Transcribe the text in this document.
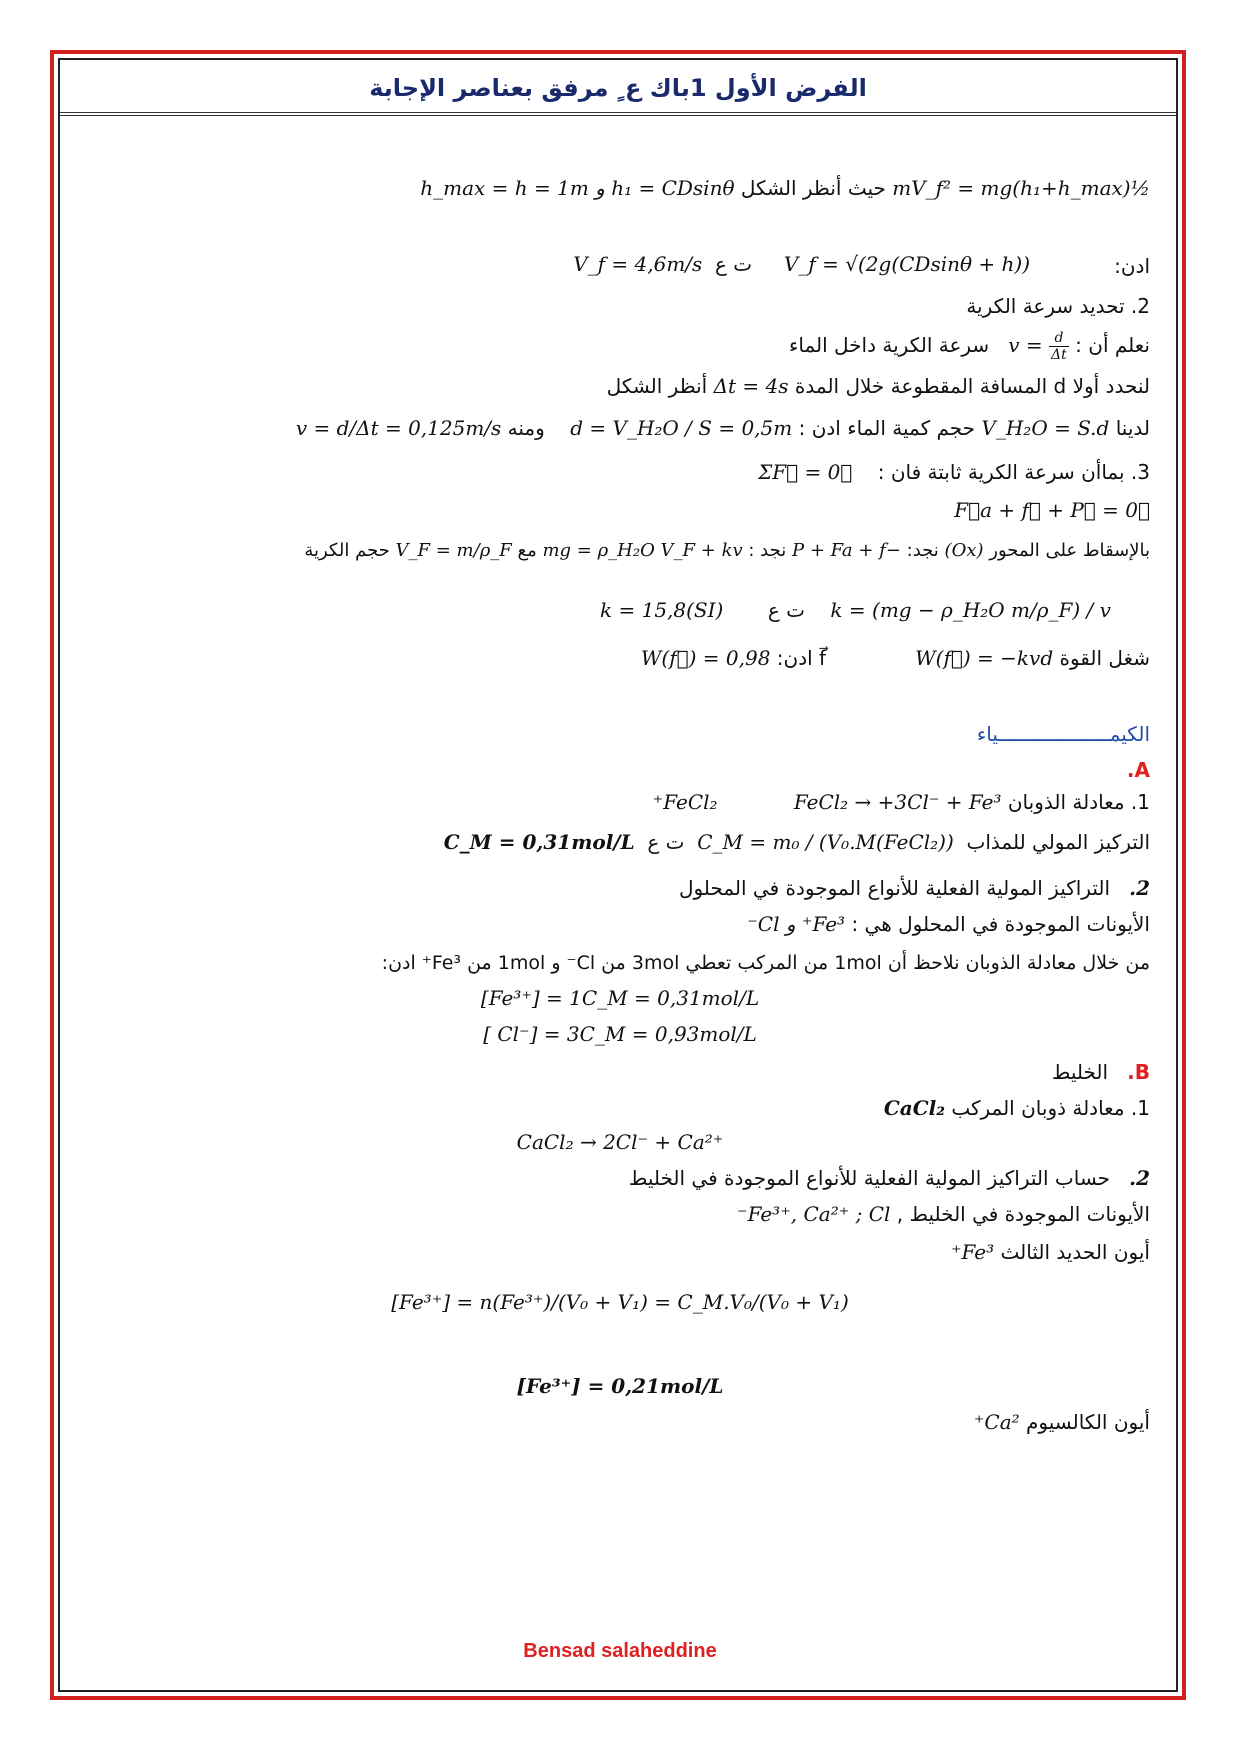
الفرض الأول 1باك ع ٍ مرفق بعناصر الإجابة
½mV_f² = mg(h₁+h_max) حيث أنظر الشكل h₁ = CDsinθ و h_max = h = 1m
V_f = 4,6m/s ت ع V_f = √(2g(CDsinθ + h))	ادن:
2. تحديد سرعة الكرية
نعلم أن : $v = \frac{d}{\Delta t}$
سرعة الكرية داخل الماء
لنحدد أولا d المسافة المقطوعة خلال المدة Δt = 4s أنظر الشكل
لدينا V_H₂O = S.d حجم كمية الماء ادن : d = V_H₂O / S = 0,5m    ومنه v = d/Δt = 0,125m/s
3. بماأن سرعة الكرية ثابتة فان :    ΣF⃗ = 0⃗
F⃗a + f⃗ + P⃗ = 0⃗
بالإسقاط على المحور (Ox) نجد: −P + Fa + f نجد : mg = ρ_H₂O V_F + kv مع V_F = m/ρ_F حجم الكرية
k = 15,8(SI) ت ع k = (mg − ρ_H₂O m/ρ_F) / v
شغل القوة f⃗              W(f⃗) = −kvd ادن: W(f⃗) = 0,98
الكيمـــــــــــــــــــياء
A.
1. معادلة الذوبان FeCl₂            FeCl₂ → +3Cl⁻ + Fe³⁺
التركيز المولي للمذاب  C_M = m₀ / (V₀.M(FeCl₂))  ت ع  C_M = 0,31mol/L
2.   التراكيز المولية الفعلية للأنواع الموجودة في المحلول
الأيونات الموجودة في المحلول هي : Fe³⁺ و Cl⁻
من خلال معادلة الذوبان نلاحظ أن 1mol من المركب تعطي 3mol من Cl⁻ و 1mol من Fe³⁺ ادن:
[Fe³⁺] = 1C_M = 0,31mol/L
[ Cl⁻] = 3C_M = 0,93mol/L
B.   الخليط
1. معادلة ذوبان المركب CaCl₂
CaCl₂ → 2Cl⁻ + Ca²⁺
2.   حساب التراكيز المولية الفعلية للأنواع الموجودة في الخليط
الأيونات الموجودة في الخليط , Fe³⁺, Ca²⁺ ; Cl⁻
أيون الحديد الثالث Fe³⁺
[Fe³⁺] = n(Fe³⁺)/(V₀ + V₁) = C_M.V₀/(V₀ + V₁)
[Fe³⁺] = 0,21mol/L
أيون الكالسيوم Ca²⁺
Bensad salaheddine
